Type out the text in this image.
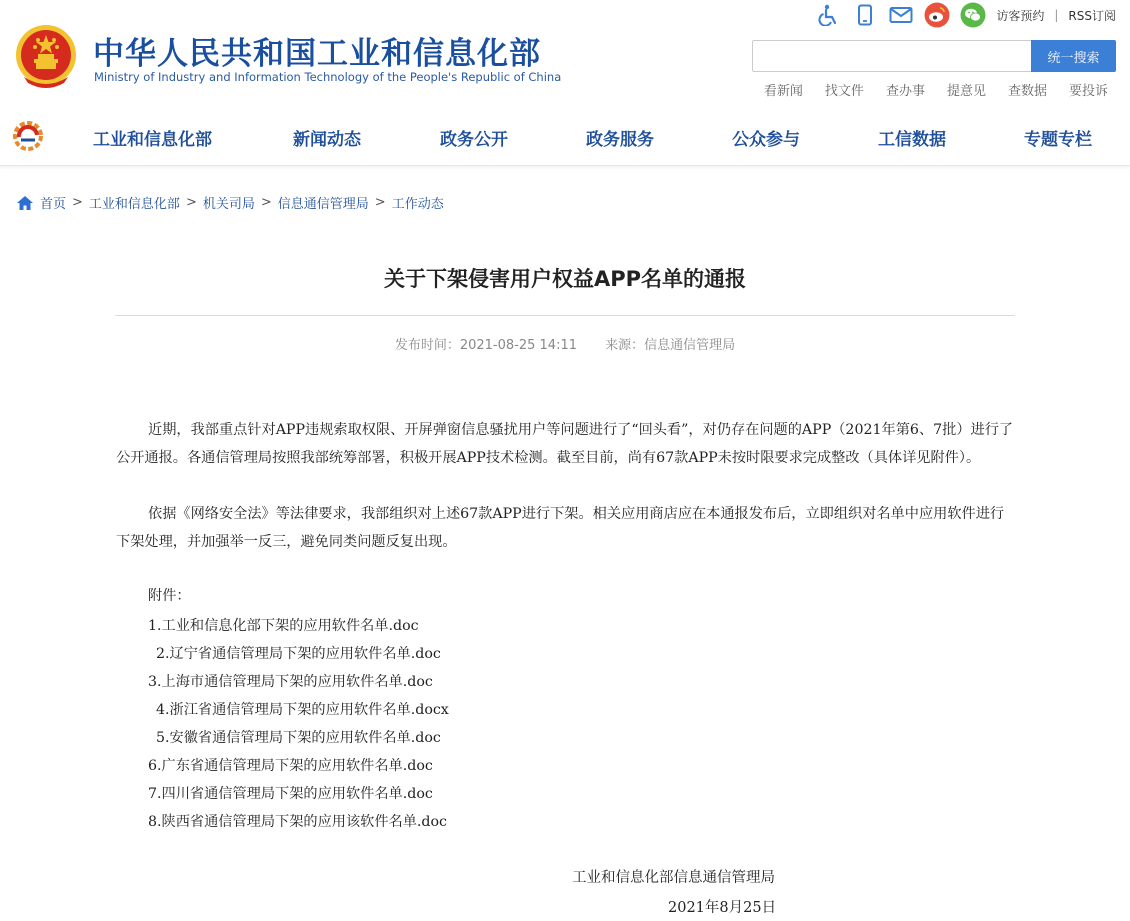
中华人民共和国工业和信息化部
Ministry of Industry and Information Technology of the People's Republic of China
访客预约 | RSS订阅
统一搜索
看新闻 找文件 查办事 提意见 查数据 要投诉
工业和信息化部	新闻动态	政务公开	政务服务	公众参与	工信数据	专题专栏
首页 > 工业和信息化部 > 机关司局 > 信息通信管理局 > 工作动态
关于下架侵害用户权益APP名单的通报
发布时间：2021-08-25 14:11 来源：信息通信管理局

近期，我部重点针对APP违规索取权限、开屏弹窗信息骚扰用户等问题进行了“回头看”，对仍存在问题的APP（2021年第6、7批）进行了公开通报。各通信管理局按照我部统筹部署，积极开展APP技术检测。截至目前，尚有67款APP未按时限要求完成整改（具体详见附件）。

依据《网络安全法》等法律要求，我部组织对上述67款APP进行下架。相关应用商店应在本通报发布后，立即组织对名单中应用软件进行下架处理，并加强举一反三，避免同类问题反复出现。

附件：
1.工业和信息化部下架的应用软件名单.doc
2.辽宁省通信管理局下架的应用软件名单.doc
3.上海市通信管理局下架的应用软件名单.doc
4.浙江省通信管理局下架的应用软件名单.docx
5.安徽省通信管理局下架的应用软件名单.doc
6.广东省通信管理局下架的应用软件名单.doc
7.四川省通信管理局下架的应用软件名单.doc
8.陕西省通信管理局下架的应用该软件名单.doc
工业和信息化部信息通信管理局
2021年8月25日
